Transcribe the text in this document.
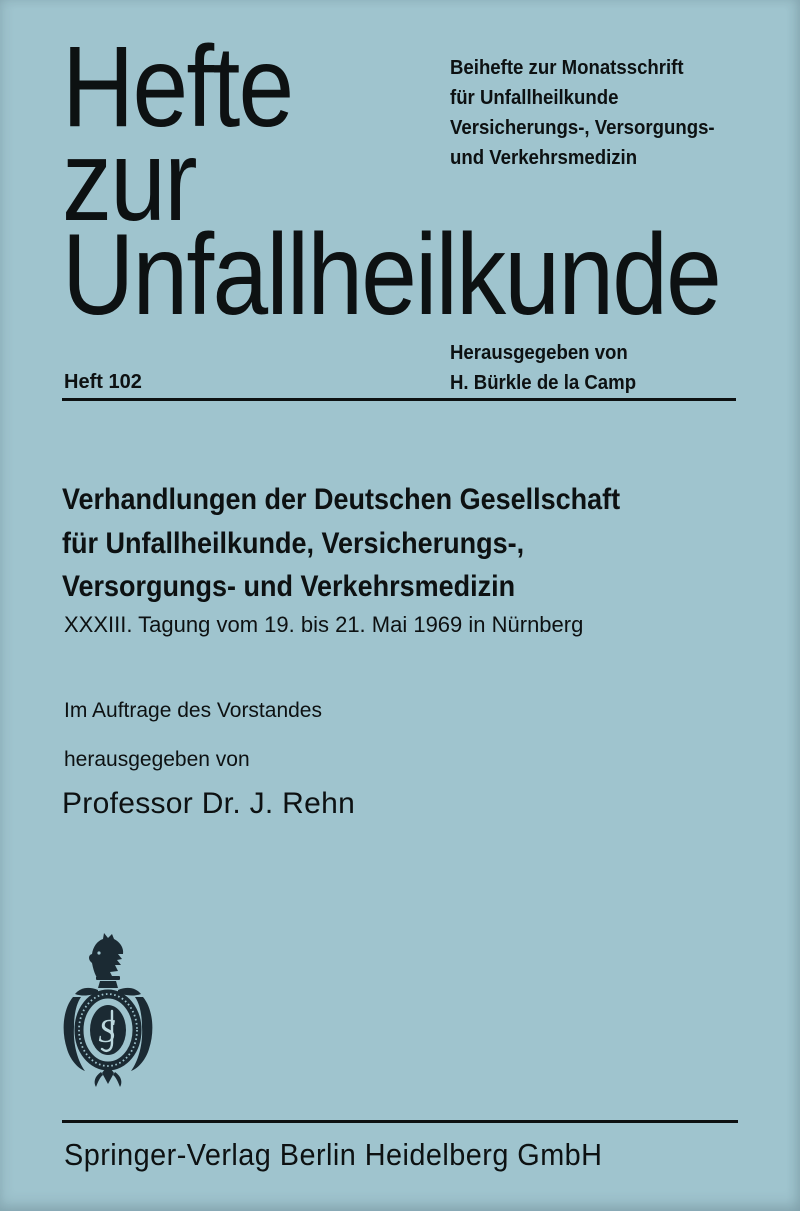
Hefte
zur
Unfallheilkunde
Beihefte zur Monatsschrift
für Unfallheilkunde
Versicherungs-, Versorgungs-
und Verkehrsmedizin
Herausgegeben von
H. Bürkle de la Camp
Heft 102
Verhandlungen der Deutschen Gesellschaft
für Unfallheilkunde, Versicherungs-,
Versorgungs- und Verkehrsmedizin
XXXIII. Tagung vom 19. bis 21. Mai 1969 in Nürnberg
Im Auftrage des Vorstandes
herausgegeben von
Professor Dr. J. Rehn
S
Springer-Verlag Berlin Heidelberg GmbH
